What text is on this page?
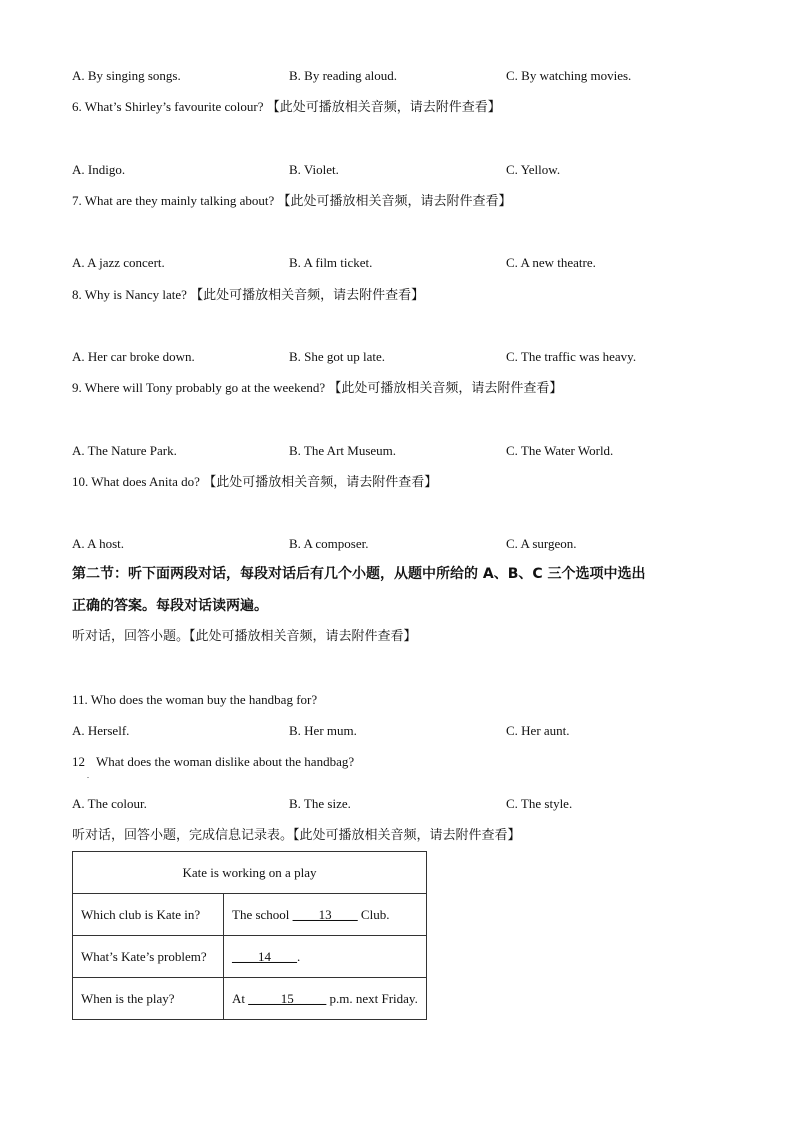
A. By singing songs.	B. By reading aloud.	C. By watching movies.
6. What’s Shirley’s favourite colour? 【此处可播放相关音频，请去附件查看】
A. Indigo.	B. Violet.	C. Yellow.
7. What are they mainly talking about? 【此处可播放相关音频，请去附件查看】
A. A jazz concert.	B. A film ticket.	C. A new theatre.
8. Why is Nancy late? 【此处可播放相关音频，请去附件查看】
A. Her car broke down.	B. She got up late.	C. The traffic was heavy.
9. Where will Tony probably go at the weekend? 【此处可播放相关音频，请去附件查看】
A. The Nature Park.	B. The Art Museum.	C. The Water World.
10. What does Anita do? 【此处可播放相关音频，请去附件查看】
A. A host.	B. A composer.	C. A surgeon.
第二节：听下面两段对话，每段对话后有几个小题，从题中所给的 A、B、C 三个选项中选出
正确的答案。每段对话读两遍。
听对话，回答小题。【此处可播放相关音频，请去附件查看】
11. Who does the woman buy the handbag for?
A. Herself.	B. Her mum.	C. Her aunt.
12
.
What does the woman dislike about the handbag?
A. The colour.	B. The size.	C. The style.
听对话，回答小题，完成信息记录表。【此处可播放相关音频，请去附件查看】
Kate is working on a play	
Which club is Kate in?	The school ____13____ Club.
What’s Kate’s problem?	____14____.
When is the play?	At _____15_____ p.m. next Friday.
